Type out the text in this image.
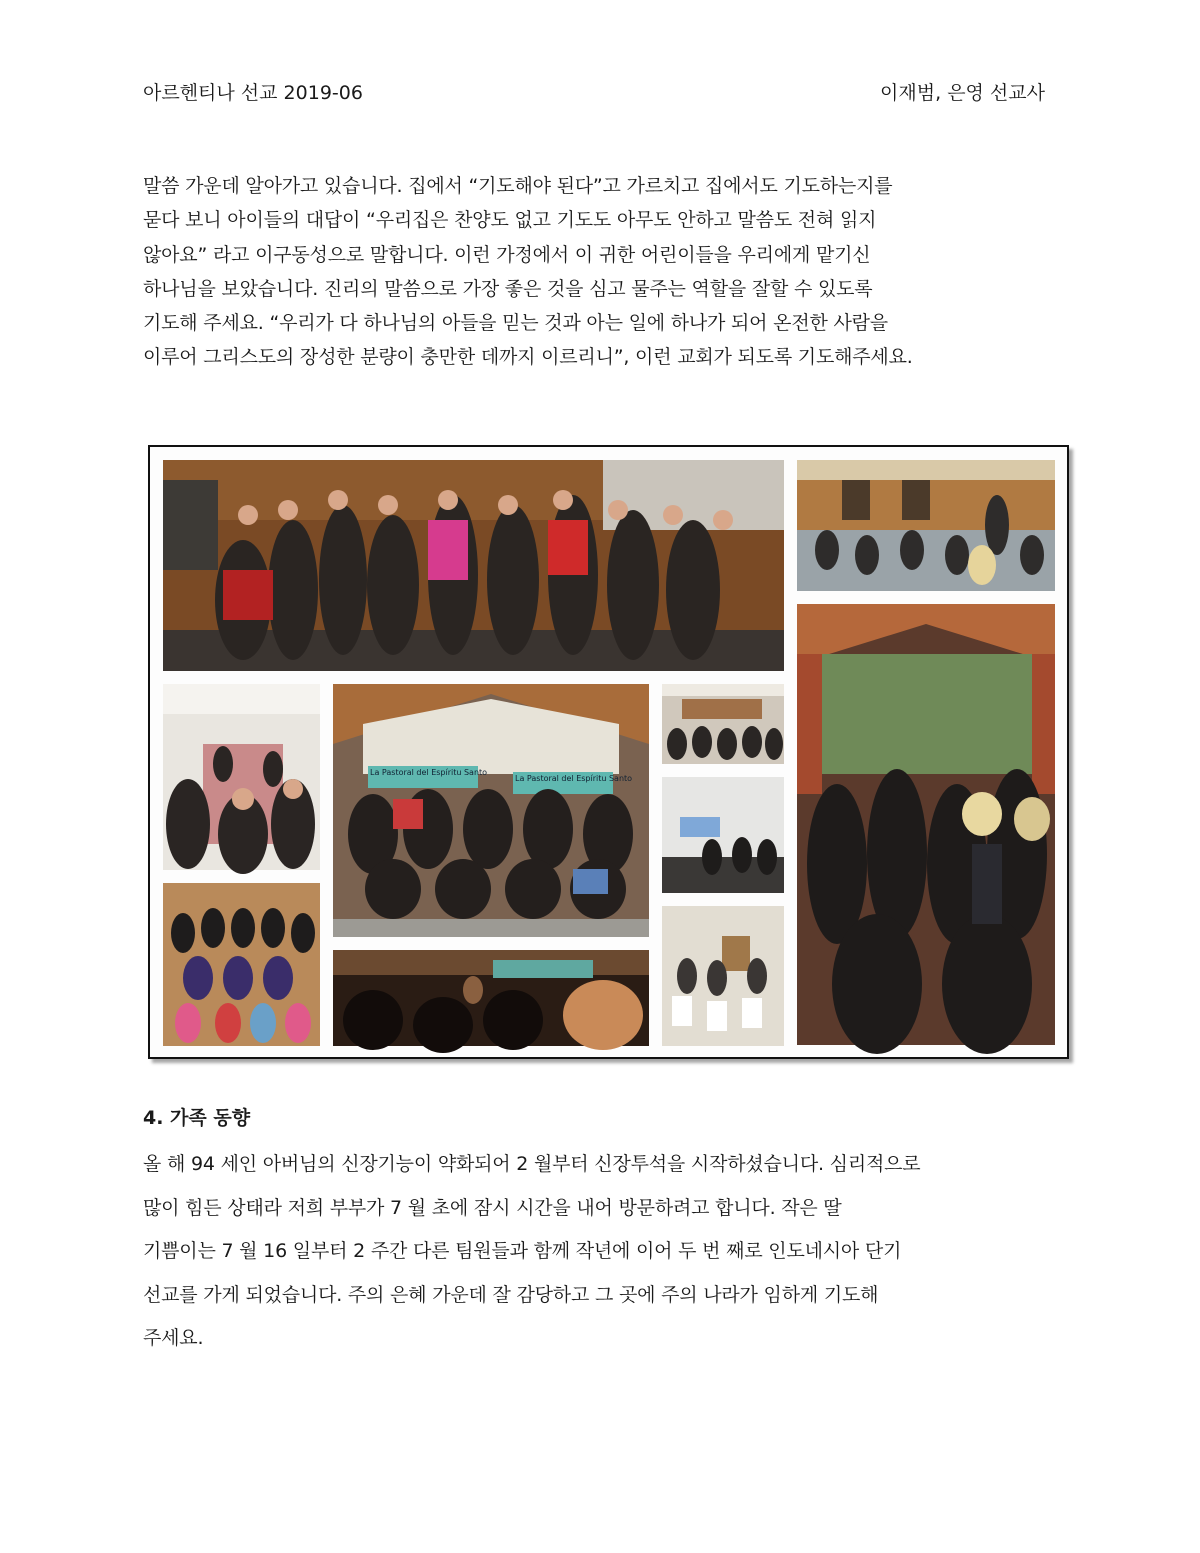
아르헨티나 선교 2019-06	이재범, 은영 선교사

말씀 가운데 알아가고 있습니다. 집에서 “기도해야 된다”고 가르치고 집에서도 기도하는지를

묻다 보니 아이들의 대답이 “우리집은 찬양도 없고 기도도 아무도 안하고 말씀도 전혀 읽지

않아요” 라고 이구동성으로 말합니다. 이런 가정에서 이 귀한 어린이들을 우리에게 맡기신

하나님을 보았습니다. 진리의 말씀으로 가장 좋은 것을 심고 물주는 역할을 잘할 수 있도록

기도해 주세요. “우리가 다 하나님의 아들을 믿는 것과 아는 일에 하나가 되어 온전한 사람을

이루어 그리스도의 장성한 분량이 충만한 데까지 이르리니”, 이런 교회가 되도록 기도해주세요.

La Pastoral del Espíritu Santo
La Pastoral del Espíritu Santo
4. 가족 동향

올 해 94 세인 아버님의 신장기능이 약화되어 2 월부터 신장투석을 시작하셨습니다. 심리적으로

많이 힘든 상태라 저희 부부가 7 월 초에 잠시 시간을 내어 방문하려고 합니다. 작은 딸

기쁨이는 7 월 16 일부터 2 주간 다른 팀원들과 함께 작년에 이어 두 번 째로 인도네시아 단기

선교를 가게 되었습니다. 주의 은혜 가운데 잘 감당하고 그 곳에 주의 나라가 임하게 기도해

주세요.
